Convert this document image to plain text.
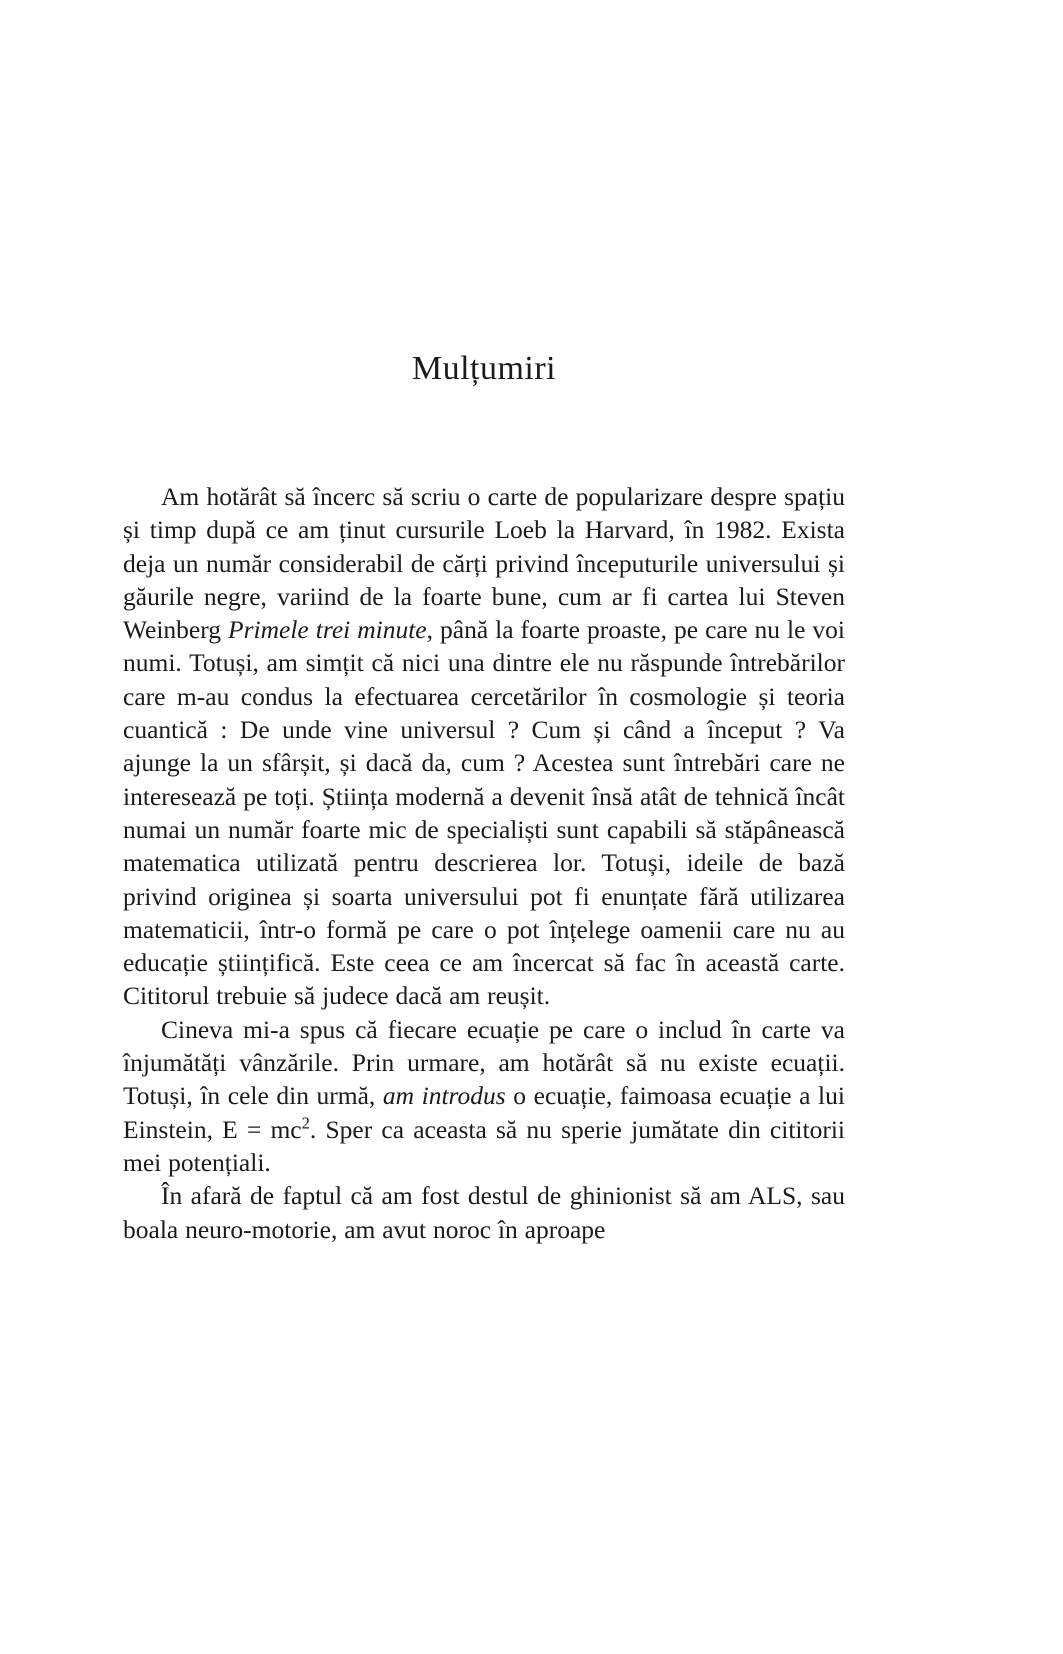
Mulțumiri

Am hotărât să încerc să scriu o carte de popularizare despre spațiu și timp după ce am ținut cursurile Loeb la Harvard, în 1982. Exista deja un număr considerabil de cărți privind începuturile universului și găurile negre, variind de la foarte bune, cum ar fi cartea lui Steven Weinberg Primele trei minute, până la foarte proaste, pe care nu le voi numi. Totuși, am simțit că nici una dintre ele nu răspunde întrebărilor care m-au condus la efectuarea cercetărilor în cosmologie și teoria cuantică : De unde vine universul ? Cum și când a început ? Va ajunge la un sfârșit, și dacă da, cum ? Acestea sunt întrebări care ne interesează pe toți. Știința modernă a devenit însă atât de tehnică încât numai un număr foarte mic de specialiști sunt capabili să stăpânească matematica utilizată pentru descrierea lor. Totuși, ideile de bază privind originea și soarta universului pot fi enunțate fără utilizarea matematicii, într-o formă pe care o pot înțelege oamenii care nu au educație științifică. Este ceea ce am încercat să fac în această carte. Cititorul trebuie să judece dacă am reușit.

Cineva mi-a spus că fiecare ecuație pe care o includ în carte va înjumătăți vânzările. Prin urmare, am hotărât să nu existe ecuații. Totuși, în cele din urmă, am introdus o ecuație, faimoasa ecuație a lui Einstein, $E = mc^2$. Sper ca aceasta să nu sperie jumătate din cititorii mei potențiali.

În afară de faptul că am fost destul de ghinionist să am ALS, sau boala neuro-motorie, am avut noroc în aproape
